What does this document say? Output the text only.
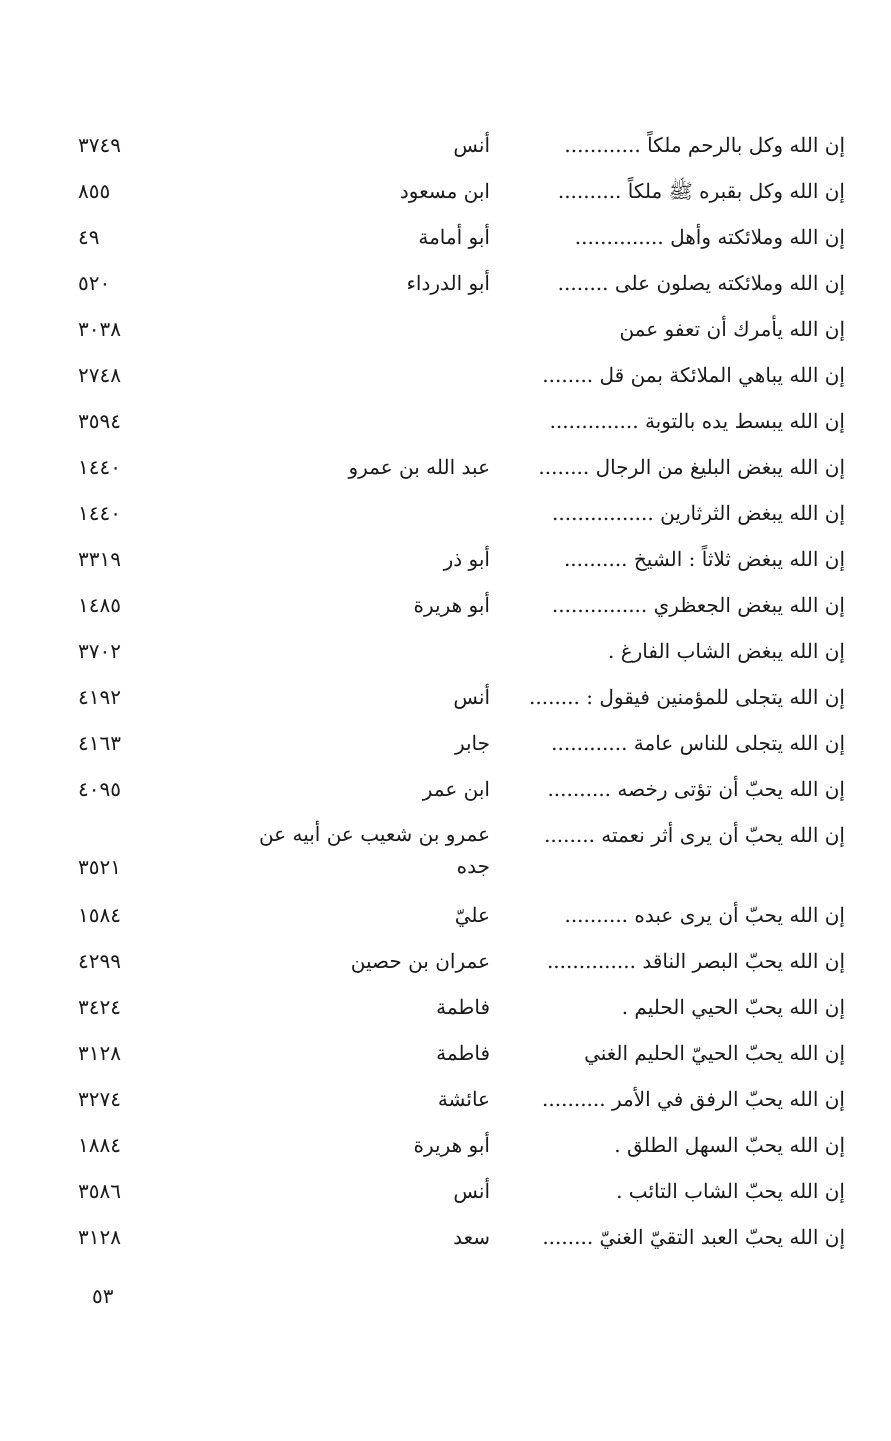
إن الله وكل بالرحم ملكاً ............
أنس
٣٧٤٩
إن الله وكل بقبره ﷺ ملكاً ..........
ابن مسعود
٨٥٥
إن الله وملائكته وأهل ..............
أبو أمامة
٤٩
إن الله وملائكته يصلون على ........
أبو الدرداء
٥٢٠
إن الله يأمرك أن تعفو عمن
٣٠٣٨
إن الله يباهي الملائكة بمن قل ........
٢٧٤٨
إن الله يبسط يده بالتوبة ..............
٣٥٩٤
إن الله يبغض البليغ من الرجال ........
عبد الله بن عمرو
١٤٤٠
إن الله يبغض الثرثارين ................
١٤٤٠
إن الله يبغض ثلاثاً : الشيخ ..........
أبو ذر
٣٣١٩
إن الله يبغض الجعظري ...............
أبو هريرة
١٤٨٥
إن الله يبغض الشاب الفارغ .
٣٧٠٢
إن الله يتجلى للمؤمنين فيقول : ........
أنس
٤١٩٢
إن الله يتجلى للناس عامة ............
جابر
٤١٦٣
إن الله يحبّ أن تؤتى رخصه ..........
ابن عمر
٤٠٩٥
إن الله يحبّ أن يرى أثر نعمته ........
عمرو بن شعيب عن أبيه عن جده
٣٥٢١
إن الله يحبّ أن يرى عبده ..........
عليّ
١٥٨٤
إن الله يحبّ البصر الناقد ..............
عمران بن حصين
٤٢٩٩
إن الله يحبّ الحيي الحليم .
فاطمة
٣٤٢٤
إن الله يحبّ الحييّ الحليم الغني
فاطمة
٣١٢٨
إن الله يحبّ الرفق في الأمر ..........
عائشة
٣٢٧٤
إن الله يحبّ السهل الطلق .
أبو هريرة
١٨٨٤
إن الله يحبّ الشاب التائب .
أنس
٣٥٨٦
إن الله يحبّ العبد التقيّ الغنيّ ........
سعد
٣١٢٨
٥٣
